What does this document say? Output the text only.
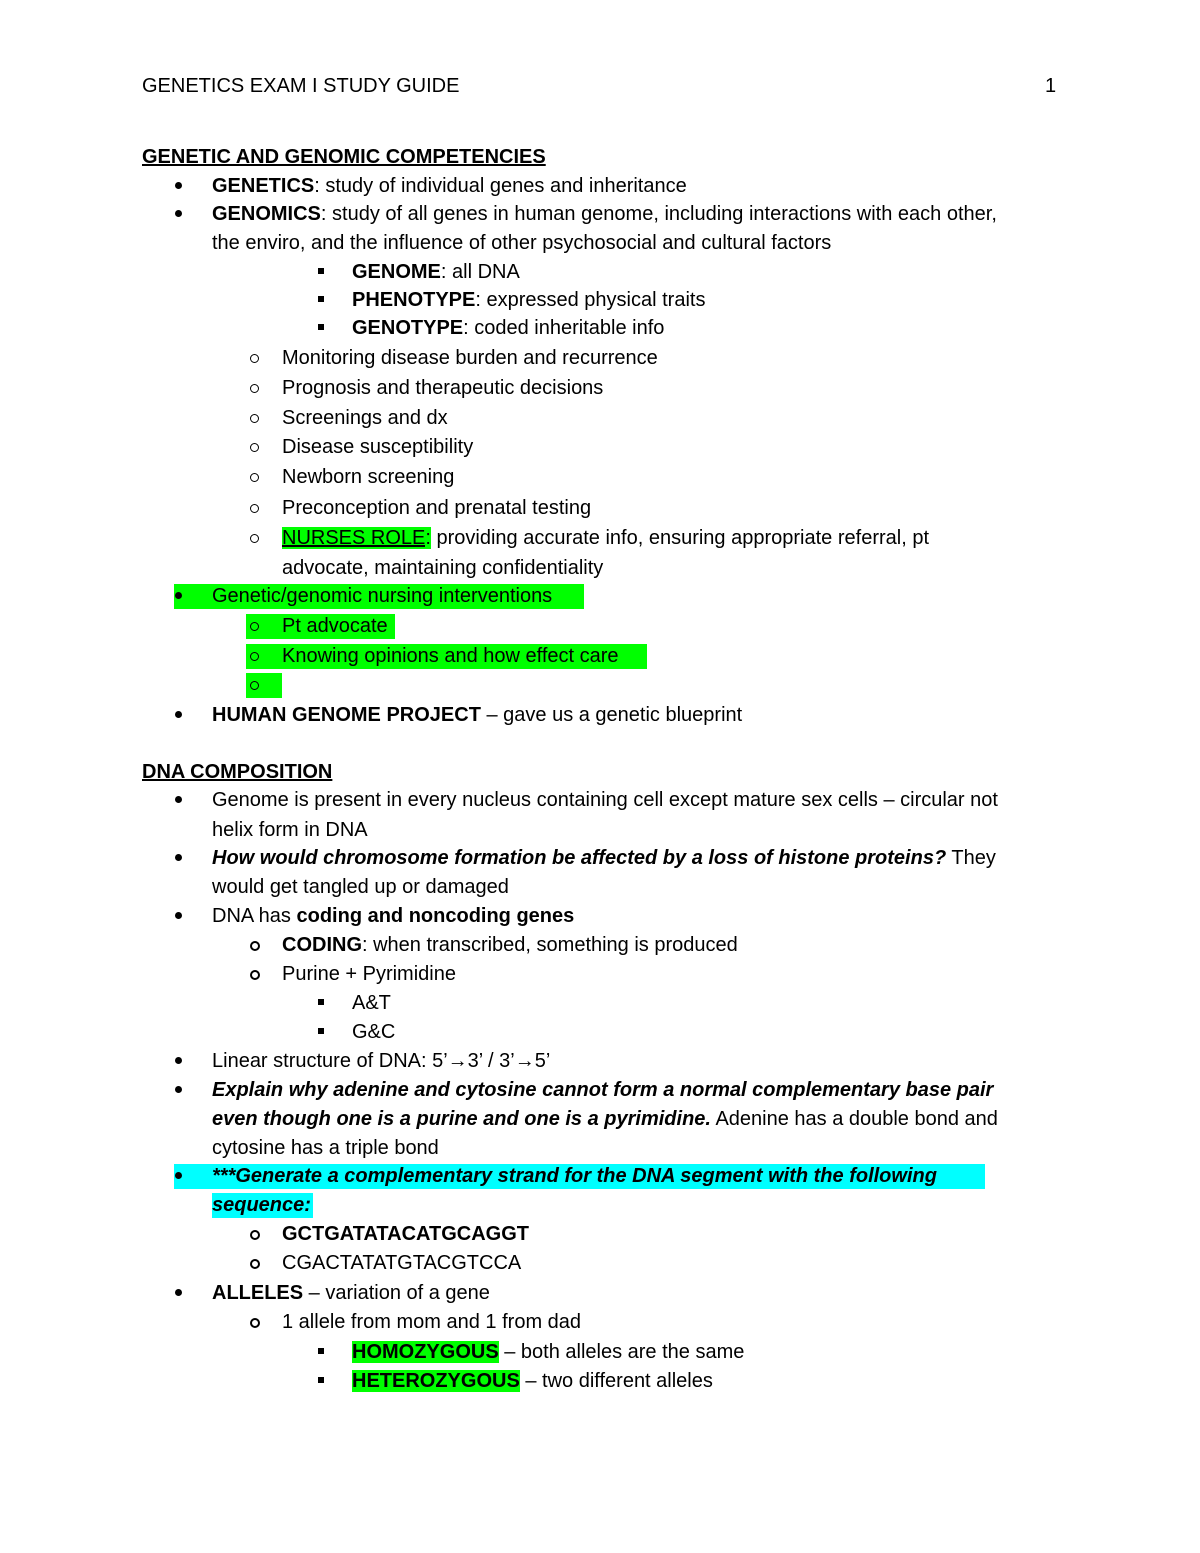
GENETICS EXAM I STUDY GUIDE	1
GENETIC AND GENOMIC COMPETENCIES
GENETICS: study of individual genes and inheritance
GENOMICS: study of all genes in human genome, including interactions with each other,
the enviro, and the influence of other psychosocial and cultural factors
GENOME: all DNA
PHENOTYPE: expressed physical traits
GENOTYPE: coded inheritable info
Monitoring disease burden and recurrence
Prognosis and therapeutic decisions
Screenings and dx
Disease susceptibility
Newborn screening
Preconception and prenatal testing
NURSES ROLE: providing accurate info, ensuring appropriate referral, pt
advocate, maintaining confidentiality
Genetic/genomic nursing interventions
Pt advocate
Knowing opinions and how effect care
HUMAN GENOME PROJECT – gave us a genetic blueprint
DNA COMPOSITION
Genome is present in every nucleus containing cell except mature sex cells – circular not
helix form in DNA
How would chromosome formation be affected by a loss of histone proteins? They
would get tangled up or damaged
DNA has coding and noncoding genes
CODING: when transcribed, something is produced
Purine + Pyrimidine
A&T
G&C
Linear structure of DNA: 5’→3’ / 3’→5’
Explain why adenine and cytosine cannot form a normal complementary base pair
even though one is a purine and one is a pyrimidine. Adenine has a double bond and
cytosine has a triple bond
***Generate a complementary strand for the DNA segment with the following
sequence:
GCTGATATACATGCAGGT
CGACTATATGTACGTCCA
ALLELES – variation of a gene
1 allele from mom and 1 from dad
HOMOZYGOUS – both alleles are the same
HETEROZYGOUS – two different alleles
